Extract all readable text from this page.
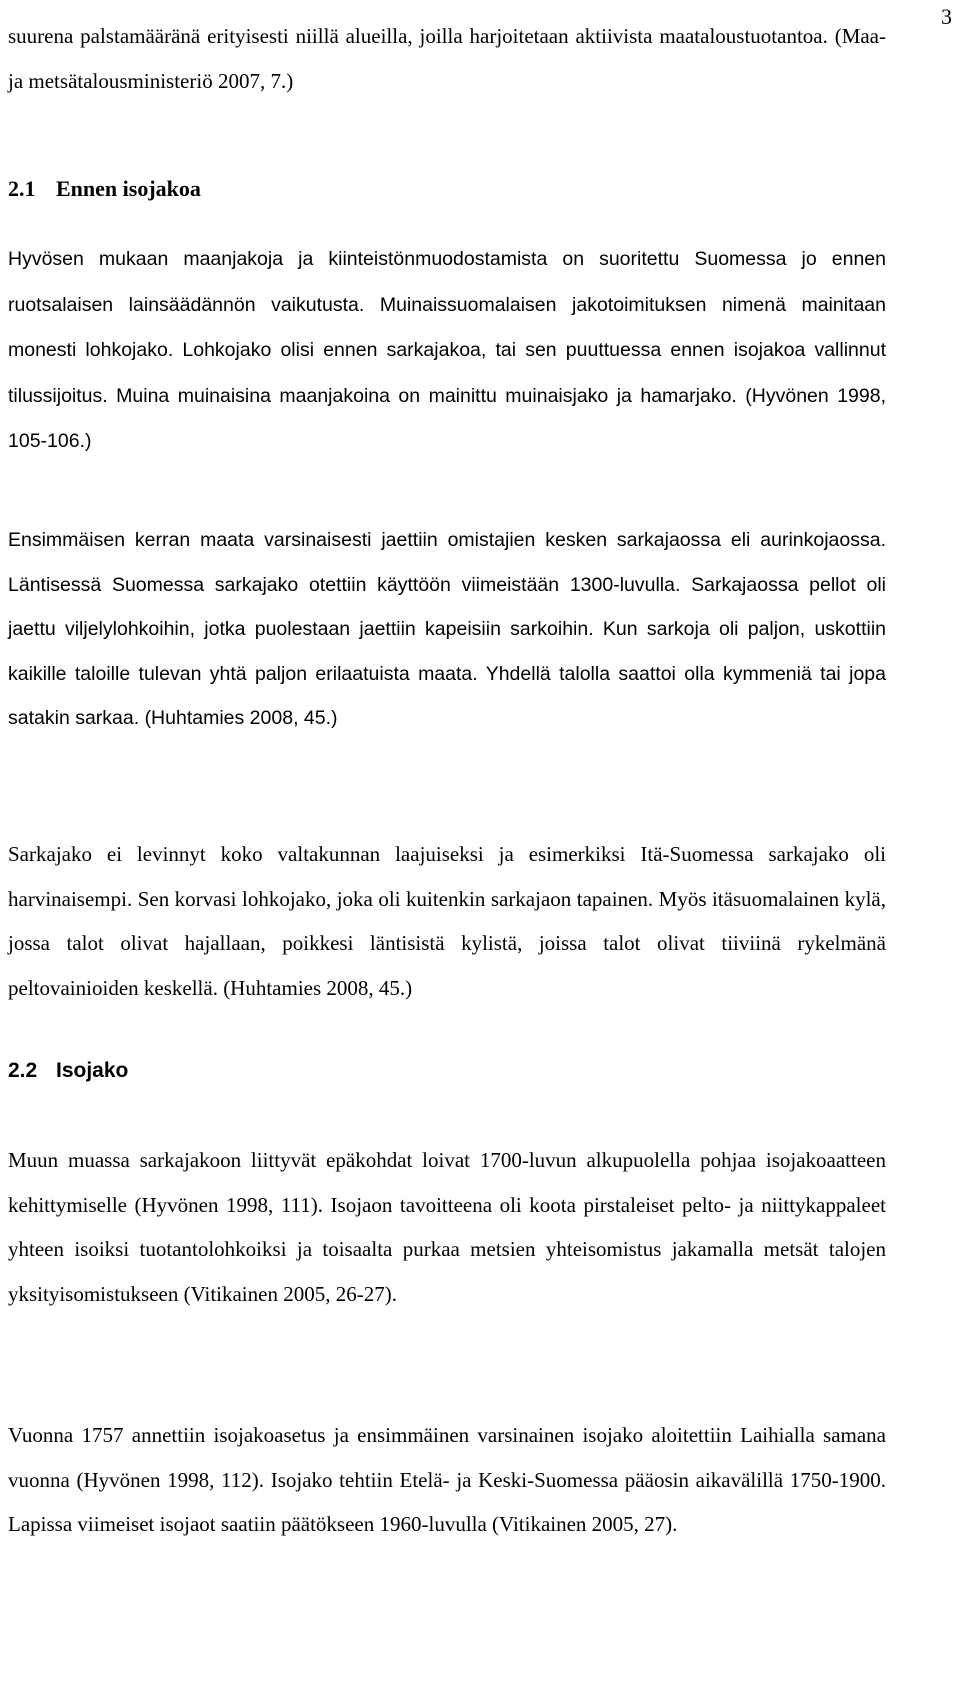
3

suurena palstamääränä erityisesti niillä alueilla, joilla harjoitetaan aktiivista maataloustuotantoa. (Maa- ja metsätalousministeriö 2007, 7.)

2.1 Ennen isojakoa

Hyvösen mukaan maanjakoja ja kiinteistönmuodostamista on suoritettu Suomessa jo ennen ruotsalaisen lainsäädännön vaikutusta. Muinaissuomalaisen jakotoimituksen nimenä mainitaan monesti lohkojako. Lohkojako olisi ennen sarkajakoa, tai sen puuttuessa ennen isojakoa vallinnut tilussijoitus. Muina muinaisina maanjakoina on mainittu muinaisjako ja hamarjako. (Hyvönen 1998, 105-106.)

Ensimmäisen kerran maata varsinaisesti jaettiin omistajien kesken sarkajaossa eli aurinkojaossa. Läntisessä Suomessa sarkajako otettiin käyttöön viimeistään 1300-luvulla. Sarkajaossa pellot oli jaettu viljelylohkoihin, jotka puolestaan jaettiin kapeisiin sarkoihin. Kun sarkoja oli paljon, uskottiin kaikille taloille tulevan yhtä paljon erilaatuista maata. Yhdellä talolla saattoi olla kymmeniä tai jopa satakin sarkaa. (Huhtamies 2008, 45.)

Sarkajako ei levinnyt koko valtakunnan laajuiseksi ja esimerkiksi Itä-Suomessa sarkajako oli harvinaisempi. Sen korvasi lohkojako, joka oli kuitenkin sarkajaon tapainen. Myös itäsuomalainen kylä, jossa talot olivat hajallaan, poikkesi läntisistä kylistä, joissa talot olivat tiiviinä rykelmänä peltovainioiden keskellä. (Huhtamies 2008, 45.)

2.2 Isojako

Muun muassa sarkajakoon liittyvät epäkohdat loivat 1700-luvun alkupuolella pohjaa isojakoaatteen kehittymiselle (Hyvönen 1998, 111). Isojaon tavoitteena oli koota pirstaleiset pelto- ja niittykappaleet yhteen isoiksi tuotantolohkoiksi ja toisaalta purkaa metsien yhteisomistus jakamalla metsät talojen yksityisomistukseen (Vitikainen 2005, 26-27).

Vuonna 1757 annettiin isojakoasetus ja ensimmäinen varsinainen isojako aloitettiin Laihialla samana vuonna (Hyvönen 1998, 112). Isojako tehtiin Etelä- ja Keski-Suomessa pääosin aikavälillä 1750-1900. Lapissa viimeiset isojaot saatiin päätökseen 1960-luvulla (Vitikainen 2005, 27).
